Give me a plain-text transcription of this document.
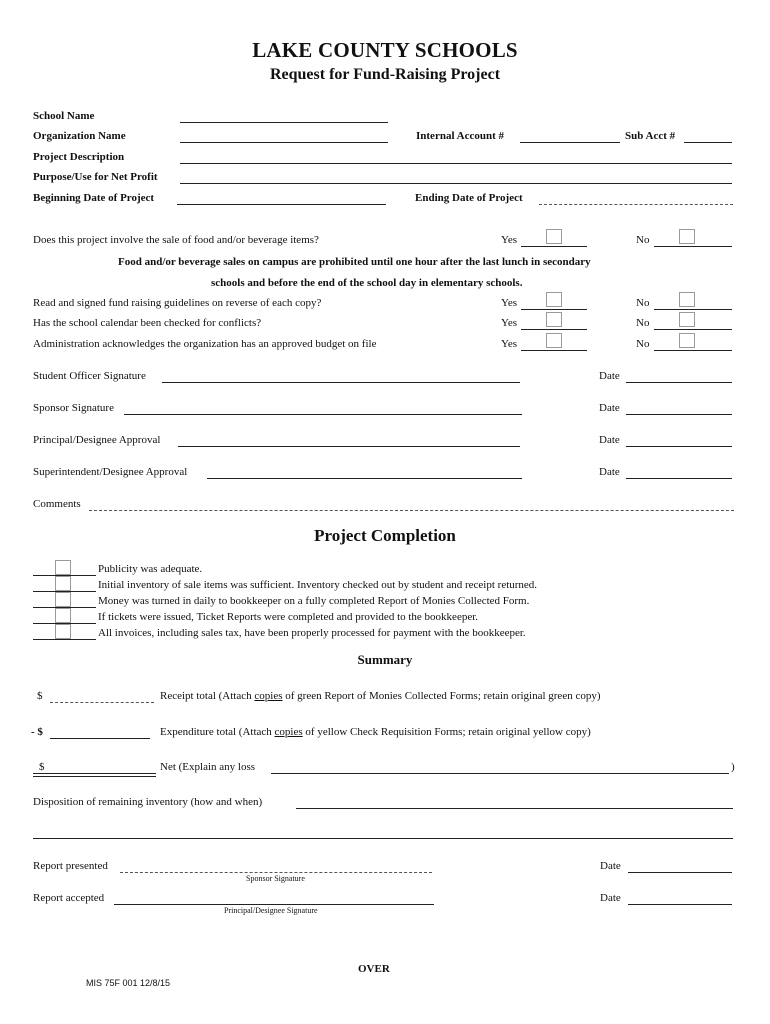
LAKE COUNTY SCHOOLS
Request for Fund-Raising Project
School Name
Organization Name	Internal Account #	Sub Acct #
Project Description
Purpose/Use for Net Profit
Beginning Date of Project	Ending Date of Project
Does this project involve the sale of food and/or beverage items?	Yes	No
Food and/or beverage sales on campus are prohibited until one hour after the last lunch in secondary
schools and before the end of the school day in elementary schools.
Read and signed fund raising guidelines on reverse of each copy?	Yes	No
Has the school calendar been checked for conflicts?	Yes	No
Administration acknowledges the organization has an approved budget on file	Yes	No
Student Officer Signature	Date
Sponsor Signature	Date
Principal/Designee Approval	Date
Superintendent/Designee Approval	Date
Comments
Project Completion
Publicity was adequate.
Initial inventory of sale items was sufficient. Inventory checked out by student and receipt returned.
Money was turned in daily to bookkeeper on a fully completed Report of Monies Collected Form.
If tickets were issued, Ticket Reports were completed and provided to the bookkeeper.
All invoices, including sales tax, have been properly processed for payment with the bookkeeper.
Summary
$	Receipt total (Attach copies of green Report of Monies Collected Forms; retain original green copy)
- $	Expenditure total (Attach copies of yellow Check Requisition Forms; retain original yellow copy)
$	Net (Explain any loss	)
Disposition of remaining inventory (how and when)
Report presented
Sponsor Signature
Date
Report accepted
Principal/Designee Signature
Date
OVER
MIS 75F 001 12/8/15
